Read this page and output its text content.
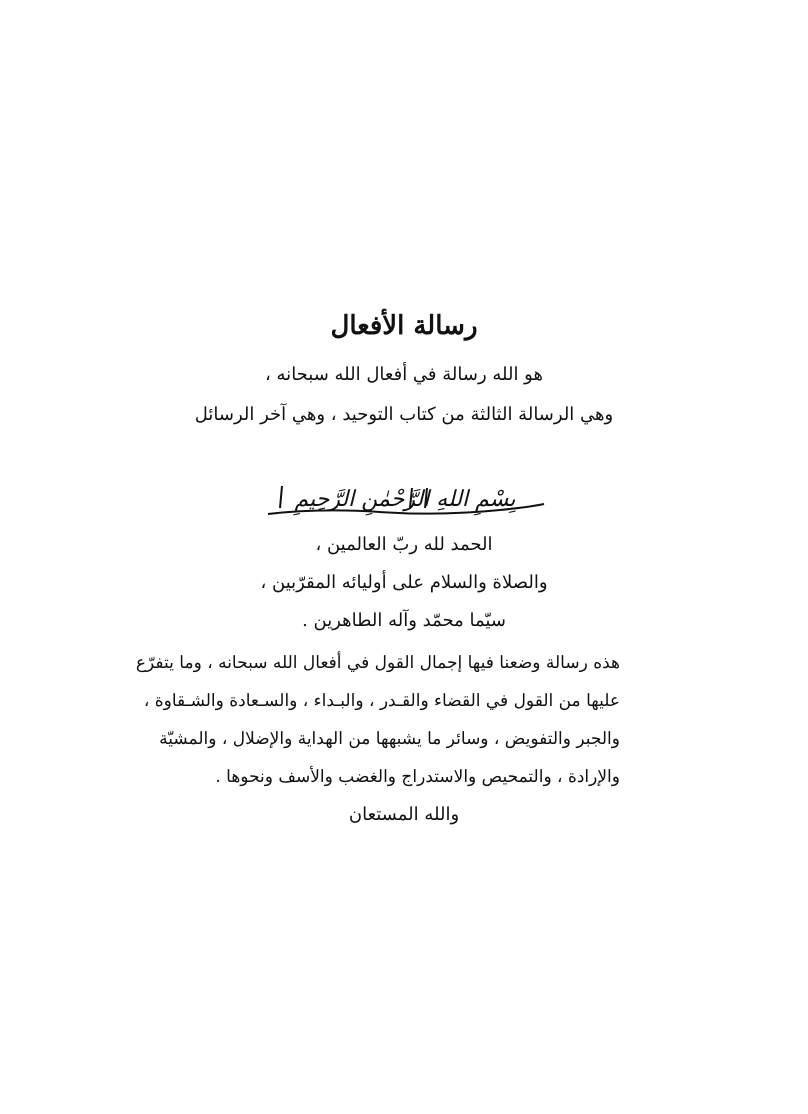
رسالة الأفعال

هو الله رسالة في أفعال الله سبحانه ،

وهي الرسالة الثالثة من كتاب التوحيد ، وهي آخر الرسائل

بِسْمِ اللهِ الرَّحْمٰنِ الرَّحِيمِ

الحمد لله ربّ العالمين ،

والصلاة والسلام على أوليائه المقرّبين ،

سيّما محمّد وآله الطاهرين .

هذه رسالة وضعنا فيها إجمال القول في أفعال الله سبحانه ، وما يتفرّع
عليها من القول في القضاء والقـدر ، والبـداء ، والسـعادة والشـقاوة ،
والجبر والتفويض ، وسائر ما يشبهها من الهداية والإضلال ، والمشيّة
والإرادة ، والتمحيص والاستدراج والغضب والأسف ونحوها .

والله المستعان
